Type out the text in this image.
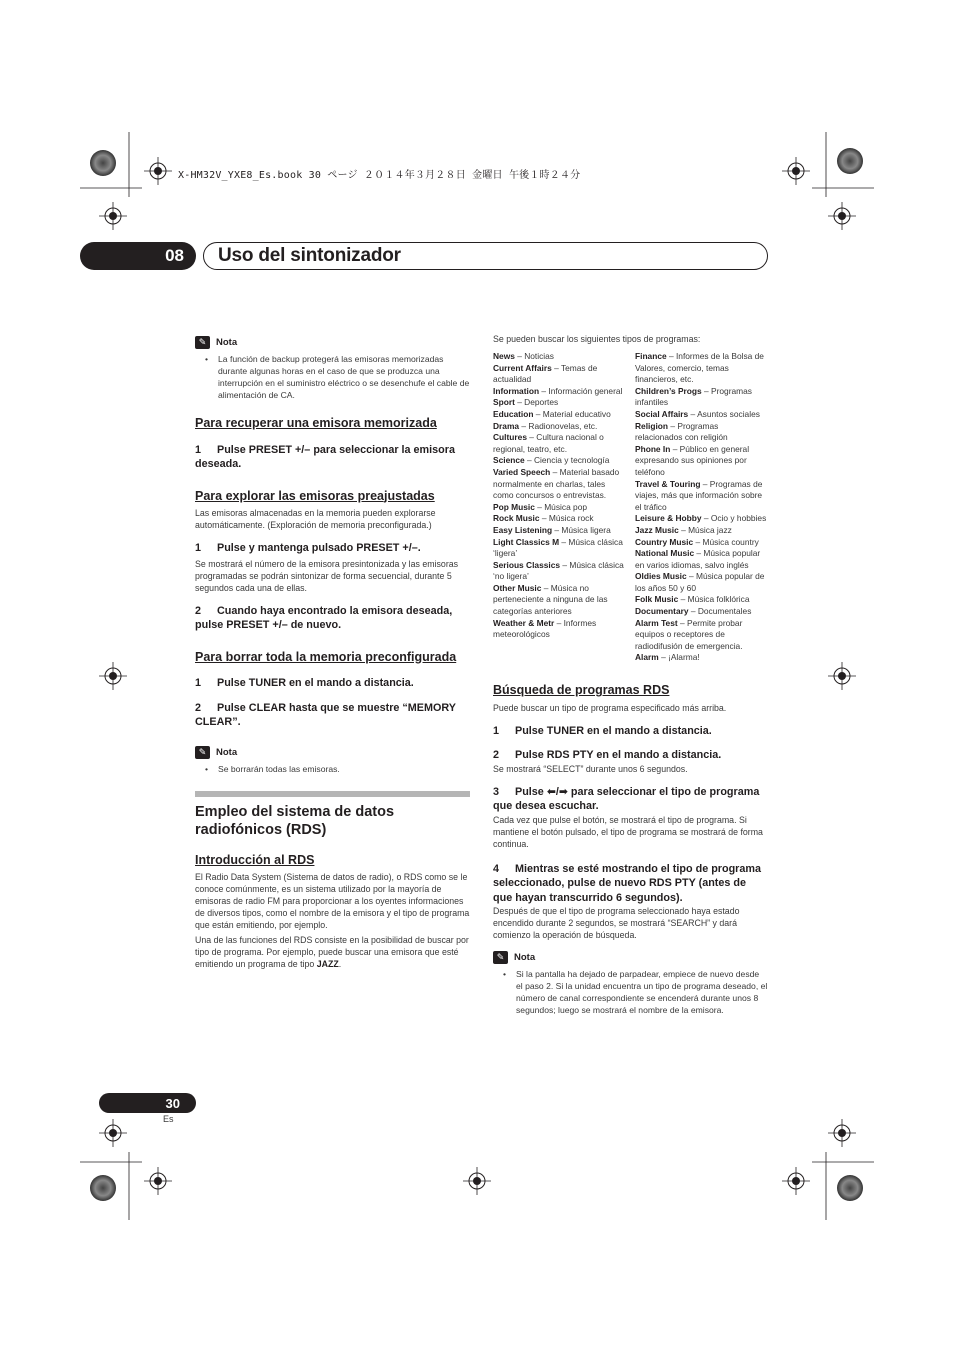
X-HM32V_YXE8_Es.book 30 ページ ２０１４年３月２８日 金曜日 午後１時２４分
08	Uso del sintonizador
✎	Nota
• La función de backup protegerá las emisoras memorizadas durante algunas horas en el caso de que se produzca una interrupción en el suministro eléctrico o se desenchufe el cable de alimentación de CA.
Para recuperar una emisora memorizada
1 Pulse PRESET +/– para seleccionar la emisora deseada.
Para explorar las emisoras preajustadas

Las emisoras almacenadas en la memoria pueden explorarse automáticamente. (Exploración de memoria preconfigurada.)

1 Pulse y mantenga pulsado PRESET +/–.

Se mostrará el número de la emisora presintonizada y las emisoras programadas se podrán sintonizar de forma secuencial, durante 5 segundos cada una de ellas.

2 Cuando haya encontrado la emisora deseada, pulse PRESET +/– de nuevo.
Para borrar toda la memoria preconfigurada
1 Pulse TUNER en el mando a distancia.
2 Pulse CLEAR hasta que se muestre “MEMORY CLEAR”.
✎	Nota
• Se borrarán todas las emisoras.
Empleo del sistema de datos radiofónicos (RDS)
Introducción al RDS

El Radio Data System (Sistema de datos de radio), o RDS como se le conoce comúnmente, es un sistema utilizado por la mayoría de emisoras de radio FM para proporcionar a los oyentes informaciones de diversos tipos, como el nombre de la emisora y el tipo de programa que están emitiendo, por ejemplo.

Una de las funciones del RDS consiste en la posibilidad de buscar por tipo de programa. Por ejemplo, puede buscar una emisora que esté emitiendo un programa de tipo JAZZ.

Se pueden buscar los siguientes tipos de programas:

News – Noticias
Current Affairs – Temas de actualidad
Information – Información general
Sport – Deportes
Education – Material educativo
Drama – Radionovelas, etc.
Cultures – Cultura nacional o regional, teatro, etc.
Science – Ciencia y tecnología
Varied Speech – Material basado normalmente en charlas, tales como concursos o entrevistas.
Pop Music – Música pop
Rock Music – Música rock
Easy Listening – Música ligera
Light Classics M – Música clásica ‘ligera’
Serious Classics – Música clásica ‘no ligera’
Other Music – Música no perteneciente a ninguna de las categorías anteriores
Weather & Metr – Informes meteorológicos
Finance – Informes de la Bolsa de Valores, comercio, temas financieros, etc.
Children’s Progs – Programas infantiles
Social Affairs – Asuntos sociales
Religion – Programas relacionados con religión
Phone In – Público en general expresando sus opiniones por teléfono
Travel & Touring – Programas de viajes, más que información sobre el tráfico
Leisure & Hobby – Ocio y hobbies
Jazz Music – Música jazz
Country Music – Música country
National Music – Música popular en varios idiomas, salvo inglés
Oldies Music – Música popular de los años 50 y 60
Folk Music – Música folklórica
Documentary – Documentales
Alarm Test – Permite probar equipos o receptores de radiodifusión de emergencia.
Alarm – ¡Alarma!
Búsqueda de programas RDS

Puede buscar un tipo de programa especificado más arriba.

1 Pulse TUNER en el mando a distancia.
2 Pulse RDS PTY en el mando a distancia.

Se mostrará “SELECT” durante unos 6 segundos.

3 Pulse ⬅/➡ para seleccionar el tipo de programa que desea escuchar.

Cada vez que pulse el botón, se mostrará el tipo de programa. Si mantiene el botón pulsado, el tipo de programa se mostrará de forma continua.

4 Mientras se esté mostrando el tipo de programa seleccionado, pulse de nuevo RDS PTY (antes de que hayan transcurrido 6 segundos).

Después de que el tipo de programa seleccionado haya estado encendido durante 2 segundos, se mostrará “SEARCH” y dará comienzo la operación de búsqueda.

✎	Nota
• Si la pantalla ha dejado de parpadear, empiece de nuevo desde el paso 2. Si la unidad encuentra un tipo de programa deseado, el número de canal correspondiente se encenderá durante unos 8 segundos; luego se mostrará el nombre de la emisora.
30
Es
